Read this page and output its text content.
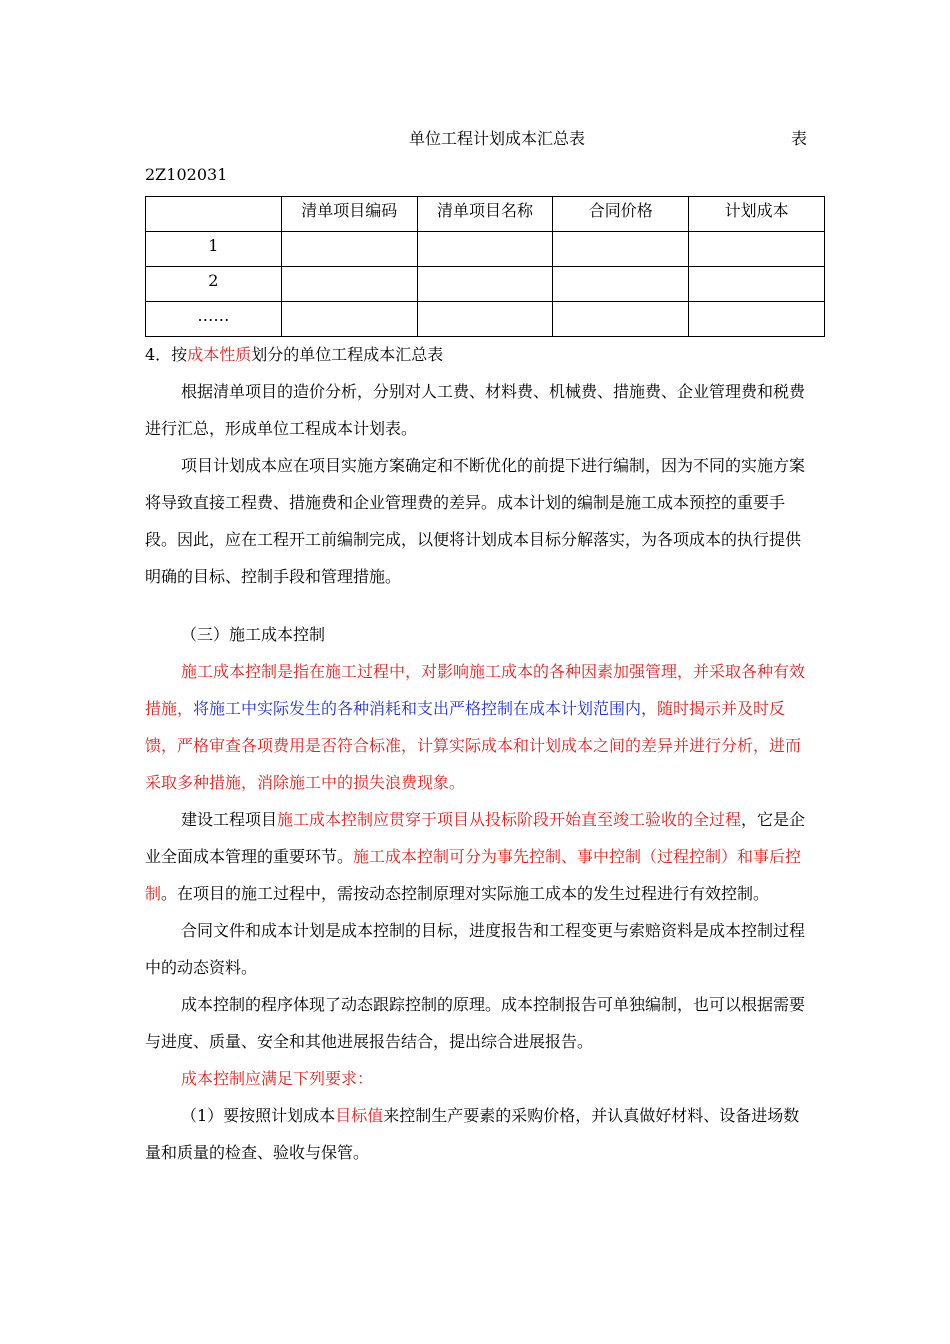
单位工程计划成本汇总表	表
2Z102031
	清单项目编码	清单项目名称	合同价格	计划成本
1				
2				
……				

4．按成本性质划分的单位工程成本汇总表

根据清单项目的造价分析，分别对人工费、材料费、机械费、措施费、企业管理费和税费进行汇总，形成单位工程成本计划表。

项目计划成本应在项目实施方案确定和不断优化的前提下进行编制，因为不同的实施方案将导致直接工程费、措施费和企业管理费的差异。成本计划的编制是施工成本预控的重要手段。因此，应在工程开工前编制完成，以便将计划成本目标分解落实，为各项成本的执行提供明确的目标、控制手段和管理措施。

（三）施工成本控制

施工成本控制是指在施工过程中，对影响施工成本的各种因素加强管理，并采取各种有效措施，将施工中实际发生的各种消耗和支出严格控制在成本计划范围内，随时揭示并及时反馈，严格审查各项费用是否符合标准，计算实际成本和计划成本之间的差异并进行分析，进而采取多种措施，消除施工中的损失浪费现象。

建设工程项目施工成本控制应贯穿于项目从投标阶段开始直至竣工验收的全过程，它是企业全面成本管理的重要环节。施工成本控制可分为事先控制、事中控制（过程控制）和事后控制。在项目的施工过程中，需按动态控制原理对实际施工成本的发生过程进行有效控制。

合同文件和成本计划是成本控制的目标，进度报告和工程变更与索赔资料是成本控制过程中的动态资料。

成本控制的程序体现了动态跟踪控制的原理。成本控制报告可单独编制，也可以根据需要与进度、质量、安全和其他进展报告结合，提出综合进展报告。

成本控制应满足下列要求：

（1）要按照计划成本目标值来控制生产要素的采购价格，并认真做好材料、设备进场数量和质量的检查、验收与保管。
